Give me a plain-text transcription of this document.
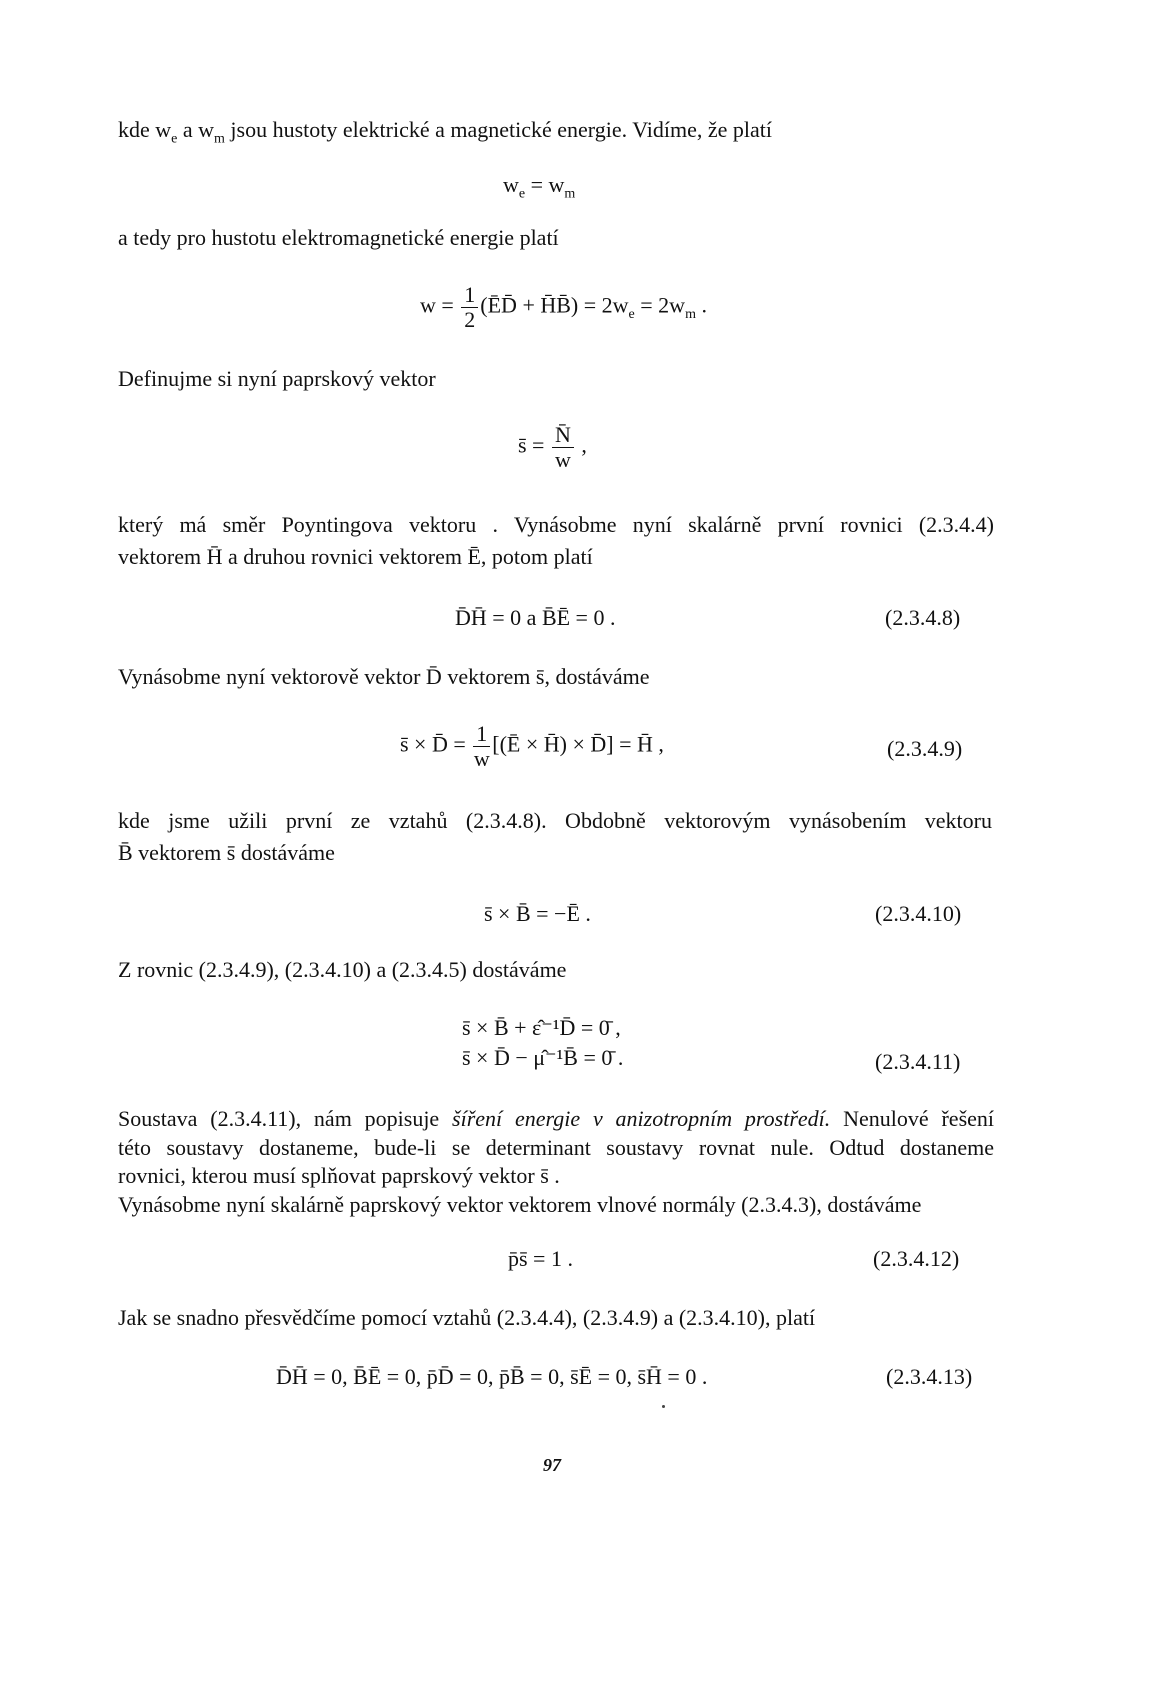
kde $w_e$ a $w_m$ jsou hustoty elektrické a magnetické energie. Vidíme, že platí
$w_e = w_m$
a tedy pro hustotu elektromagnetické energie platí
$w = \frac{1}{2}$ (ĒD̄ + H̄B̄) = $2w_e = 2w_m$ .
Definujme si nyní paprskový vektor
s̄ = $\frac{N̄}{w}$ ,
který má směr Poyntingova vektoru . Vynásobme nyní skalárně první rovnici (2.3.4.4)
vektorem H̄ a druhou rovnici vektorem Ē, potom platí
D̄H̄ = 0 a B̄Ē = 0 .	(2.3.4.8)
Vynásobme nyní vektorově vektor D̄ vektorem s̄, dostáváme
s̄ × D̄ = $\frac{1}{w}$ [(Ē × H̄) × D̄] = H̄ ,	(2.3.4.9)
kde jsme užili první ze vztahů (2.3.4.8). Obdobně vektorovým vynásobením vektoru
B̄ vektorem s̄ dostáváme
s̄ × B̄ = −Ē .	(2.3.4.10)
Z rovnic (2.3.4.9), (2.3.4.10) a (2.3.4.5) dostáváme
s̄ × B̄ + ε̂⁻¹D̄ = 0̄ ,
s̄ × D̄ − μ̂⁻¹B̄ = 0̄ .	(2.3.4.11)
Soustava (2.3.4.11), nám popisuje šíření energie v anizotropním prostředí. Nenulové řešení
této soustavy dostaneme, bude-li se determinant soustavy rovnat nule. Odtud dostaneme
rovnici, kterou musí splňovat paprskový vektor s̄ .
Vynásobme nyní skalárně paprskový vektor vektorem vlnové normály (2.3.4.3), dostáváme
p̄s̄ = 1 .	(2.3.4.12)
Jak se snadno přesvědčíme pomocí vztahů (2.3.4.4), (2.3.4.9) a (2.3.4.10), platí
D̄H̄ = 0, B̄Ē = 0, p̄D̄ = 0, p̄B̄ = 0, s̄Ē = 0, s̄H̄ = 0 .	(2.3.4.13)
97
